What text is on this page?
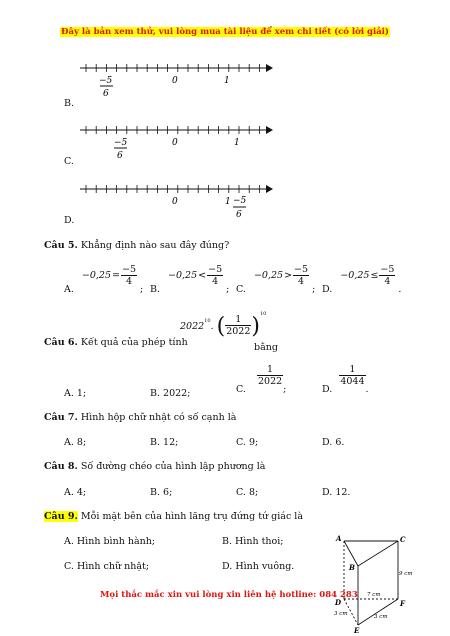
Đây là bản xem thử, vui lòng mua tài liệu để xem chi tiết (có lời giải)
−5
6
0	1
B.
−5
6
0	1
C.
0	1 −5
6
D.
Câu 5. Khẳng định nào sau đây đúng?
$A.-0,25= \frac{-5}{4}$
; $B.-0,25< \frac{-5}{4}$
; $C.-0,25> \frac{-5}{4}$
; $D.-0,25\le \frac{-5}{4}$
.
2022$^{10}$. ( $\frac{1}{2022} )^{10}$
Câu 6. Kết quả của phép tính	bằng
A. 1;	B. 2022;	C.
$\frac{1}{2022}$
;	D.
$\frac{1}{4044}$
.
Câu 7. Hình hộp chữ nhật có số cạnh là
A. 8;	B. 12;	C. 9;	D. 6.
Câu 8. Số đường chéo của hình lập phương là
A. 4;	B. 6;	C. 8;	D. 12.
Câu 9. Mỗi mặt bên của hình lăng trụ đứng tứ giác là
A. Hình bình hành;	B. Hình thoi;
C. Hình chữ nhật;	D. Hình vuông.
A	C
B
D	F
E
9 cm
7 cm
3 cm	3 cm
Mọi thắc mắc xin vui lòng xin liên hệ hotline: 084 283
